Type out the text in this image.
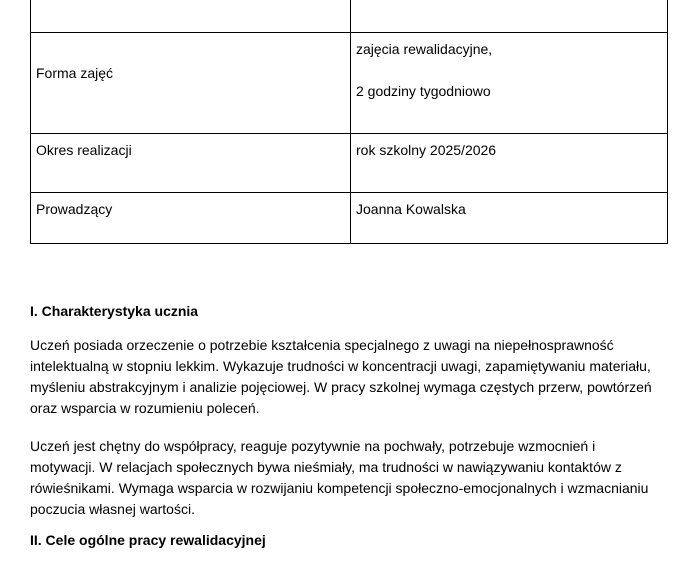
Forma zajęć	zajęcia rewalidacyjne,

2 godziny tygodniowo

Okres realizacji	rok szkolny 2025/2026
Prowadzący	Joanna Kowalska
I. Charakterystyka ucznia

Uczeń posiada orzeczenie o potrzebie kształcenia specjalnego z uwagi na niepełnosprawność intelektualną w stopniu lekkim. Wykazuje trudności w koncentracji uwagi, zapamiętywaniu materiału, myśleniu abstrakcyjnym i analizie pojęciowej. W pracy szkolnej wymaga częstych przerw, powtórzeń oraz wsparcia w rozumieniu poleceń.

Uczeń jest chętny do współpracy, reaguje pozytywnie na pochwały, potrzebuje wzmocnień i motywacji. W relacjach społecznych bywa nieśmiały, ma trudności w nawiązywaniu kontaktów z rówieśnikami. Wymaga wsparcia w rozwijaniu kompetencji społeczno-emocjonalnych i wzmacnianiu poczucia własnej wartości.

II. Cele ogólne pracy rewalidacyjnej
